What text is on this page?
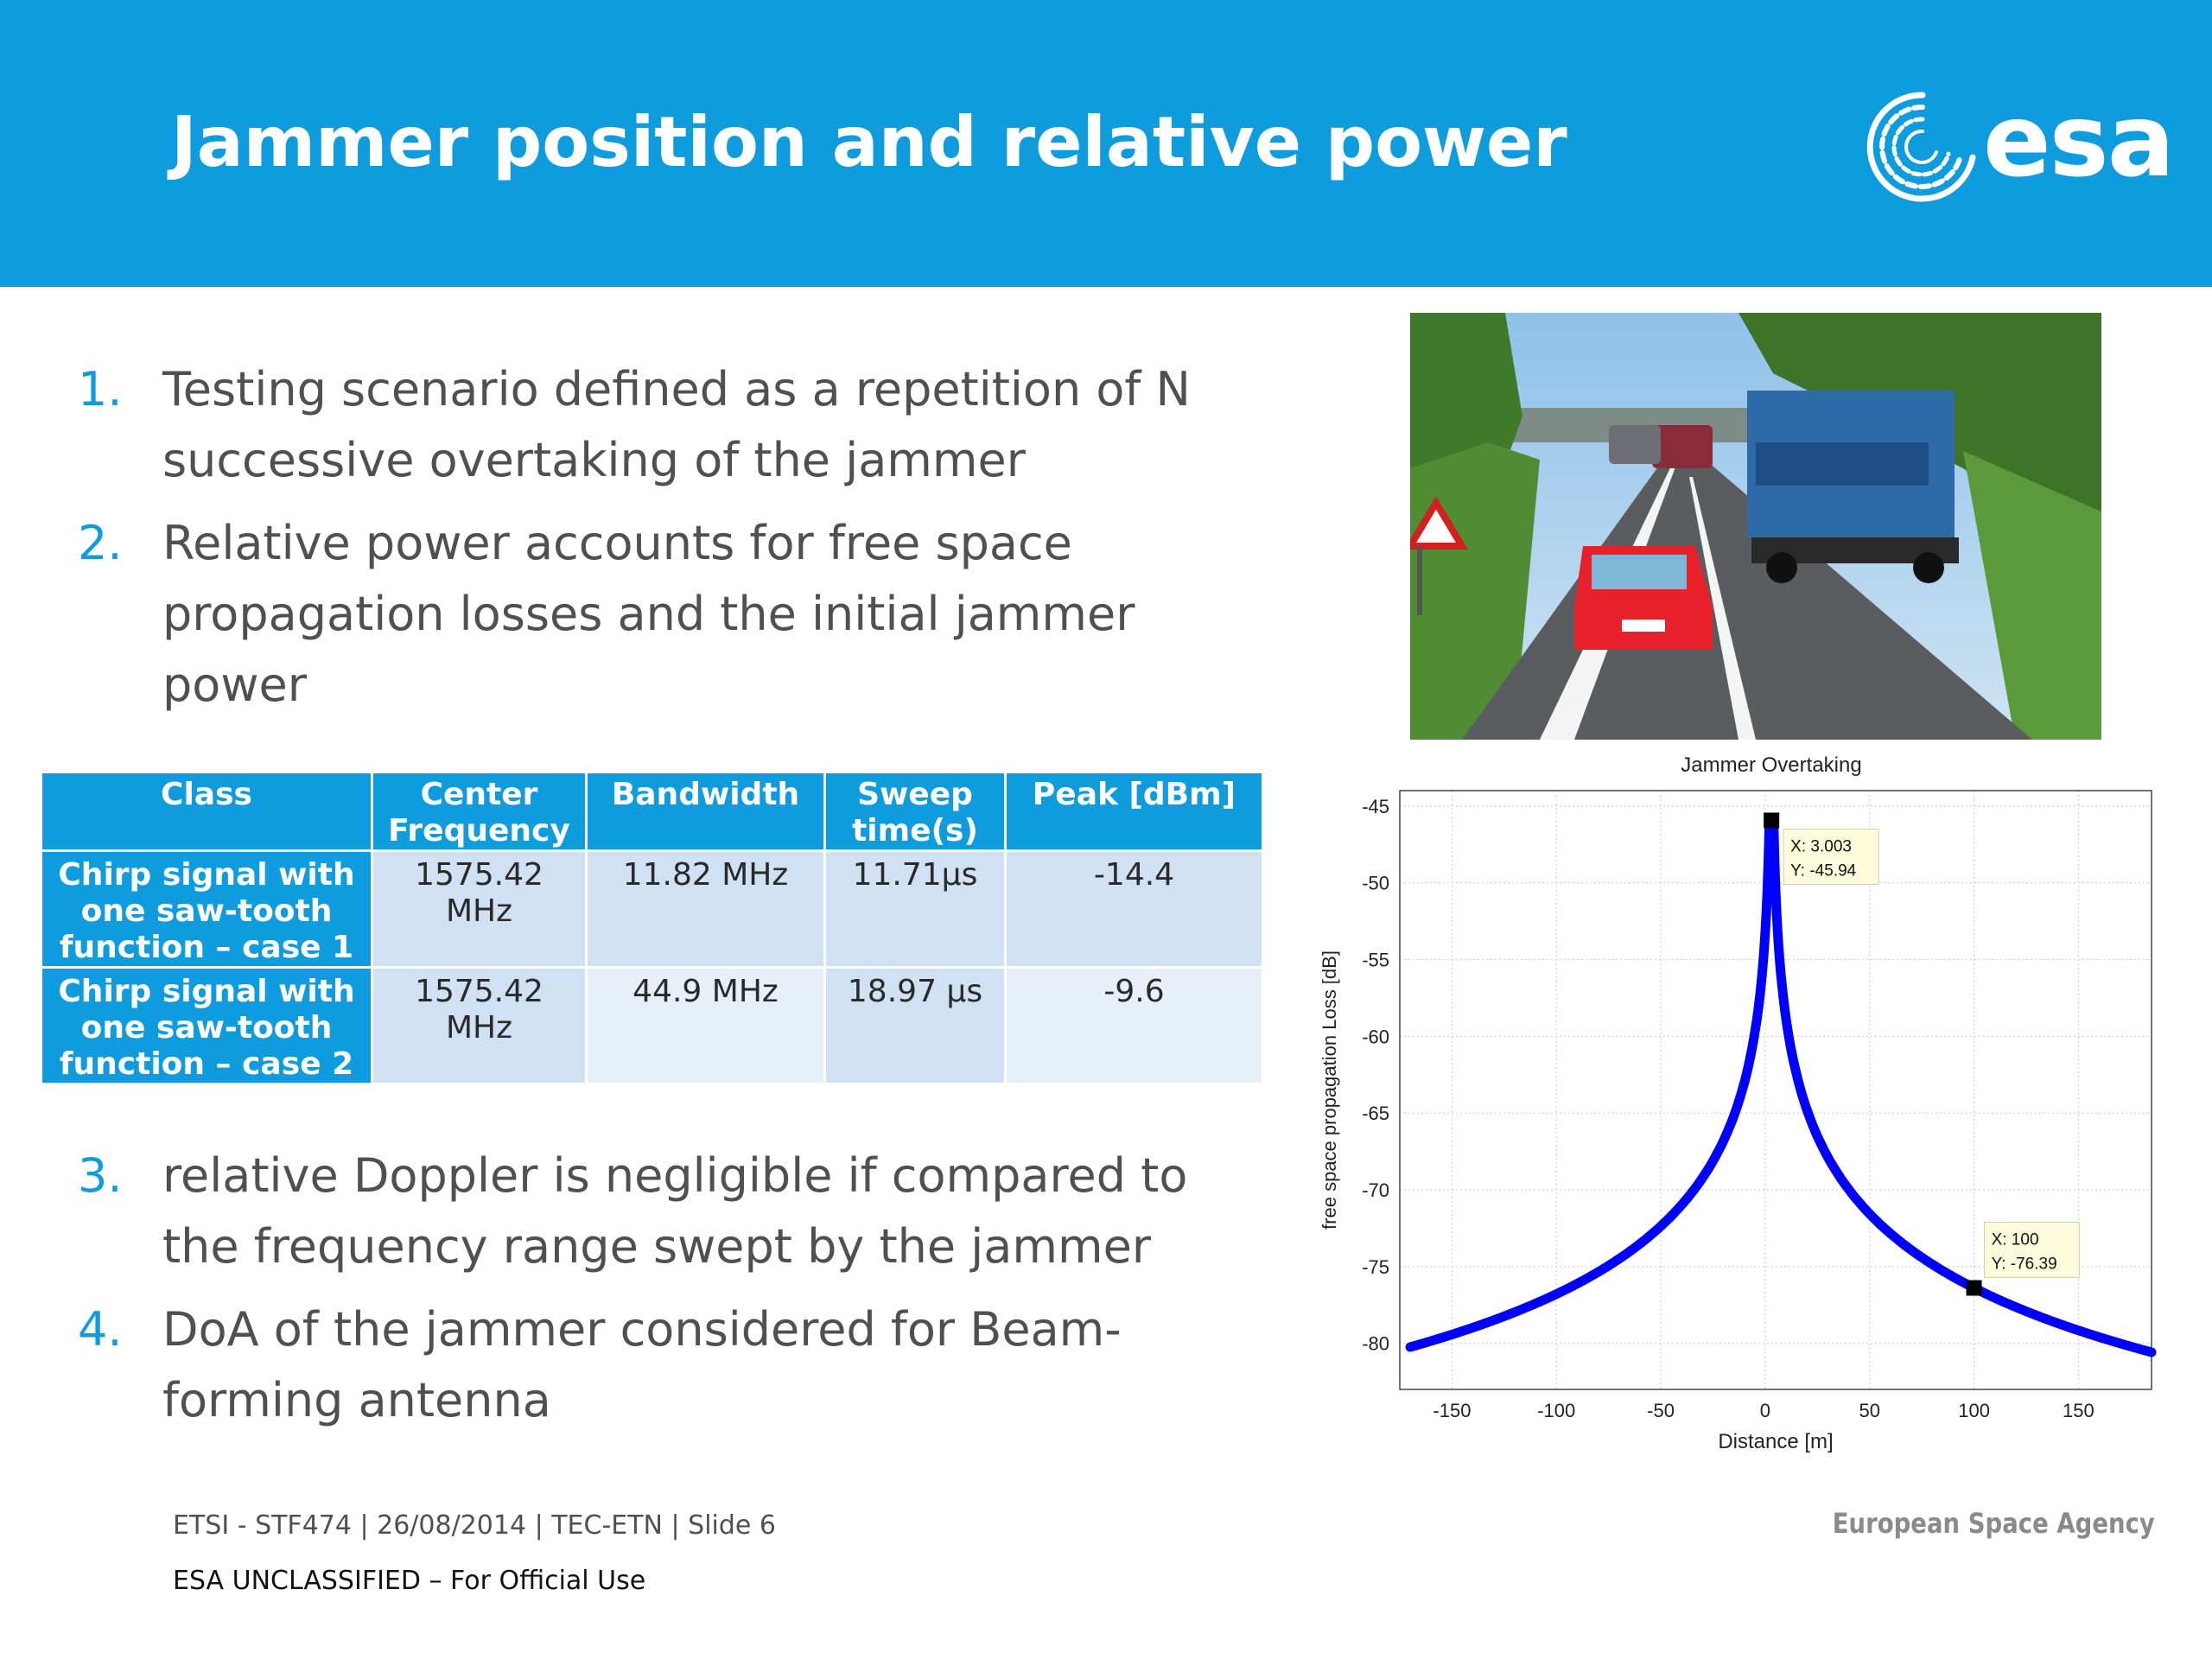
Jammer position and relative power	esa
1. Testing scenario defined as a repetition of N successive overtaking of the jammer
2. Relative power accounts for free space propagation losses and the initial jammer power
Class	Center Frequency	Bandwidth	Sweep time(s)	Peak [dBm]
Chirp signal with one saw-tooth function – case 1	1575.42 MHz	11.82 MHz	11.71μs	-14.4
Chirp signal with one saw-tooth function – case 2	1575.42 MHz	44.9 MHz	18.97 μs	-9.6
3. relative Doppler is negligible if compared to the frequency range swept by the jammer
4. DoA of the jammer considered for Beam-forming antenna
Jammer Overtaking
-150	-100	-50	0	50	100	150
-45
-50
-55
-60
-65
-70
-75
-80
X: 3.003
Y: -45.94
X: 100
Y: -76.39
Distance [m]
free space propagation Loss [dB]
ETSI - STF474 | 26/08/2014 | TEC-ETN | Slide 6
ESA UNCLASSIFIED – For Official Use
European Space Agency
